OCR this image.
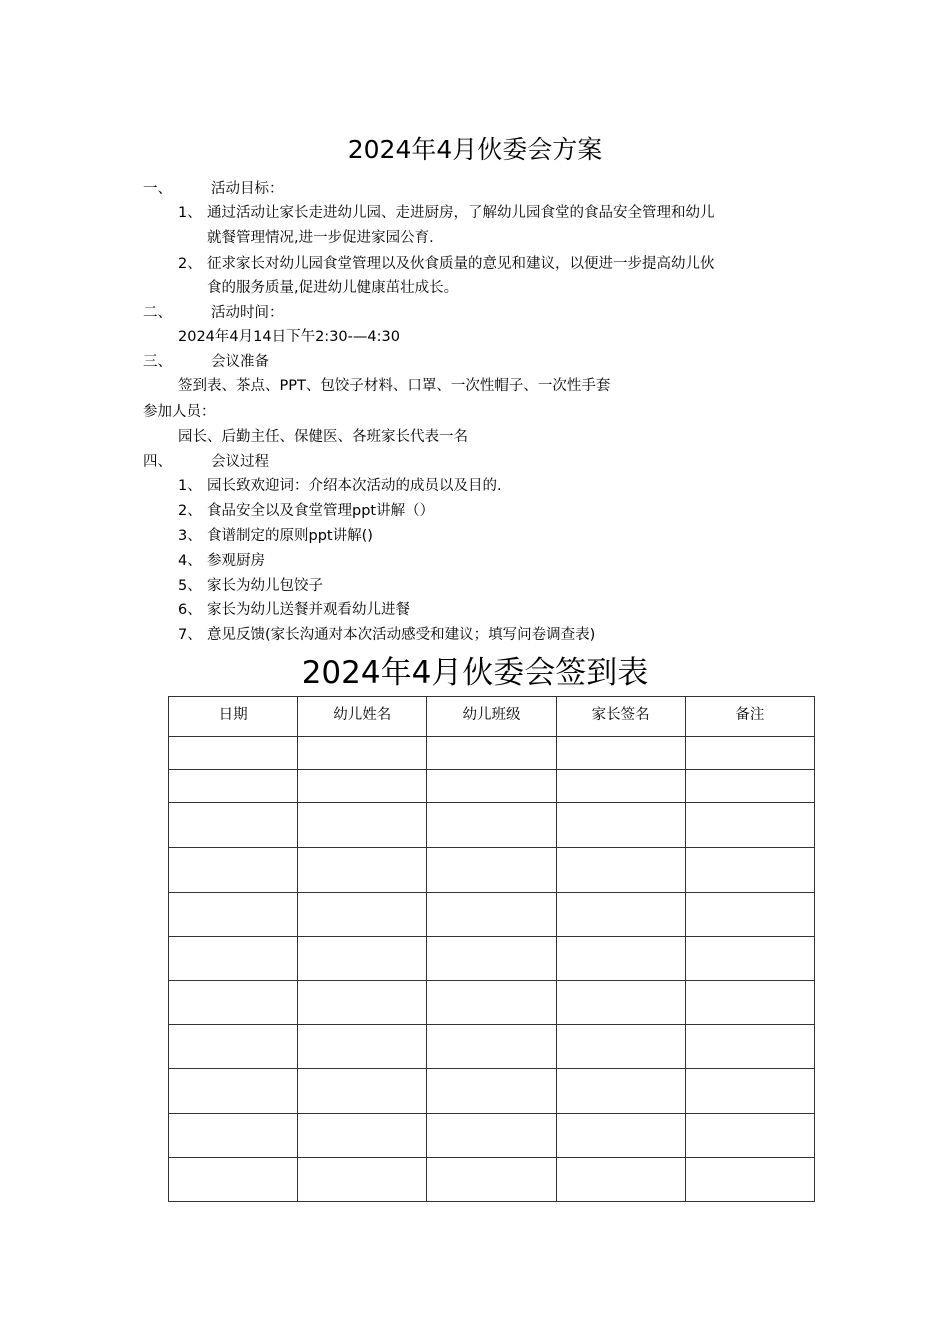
2024年4月伙委会方案
一、	活动目标：
1、 通过活动让家长走进幼儿园、走进厨房，了解幼儿园食堂的食品安全管理和幼儿
就餐管理情况,进一步促进家园公育.
2、 征求家长对幼儿园食堂管理以及伙食质量的意见和建议，以便进一步提高幼儿伙
食的服务质量,促进幼儿健康茁壮成长。
二、	活动时间：
2024年4月14日下午2:30-—4:30
三、	会议准备
签到表、茶点、PPT、包饺子材料、口罩、一次性帽子、一次性手套
参加人员：
园长、后勤主任、保健医、各班家长代表一名
四、	会议过程
1、 园长致欢迎词：介绍本次活动的成员以及目的.
2、 食品安全以及食堂管理ppt讲解（）
3、 食谱制定的原则ppt讲解()
4、 参观厨房
5、 家长为幼儿包饺子
6、 家长为幼儿送餐并观看幼儿进餐
7、 意见反馈(家长沟通对本次活动感受和建议；填写问卷调查表)
2024年4月伙委会签到表
日期	幼儿姓名	幼儿班级	家长签名	备注
